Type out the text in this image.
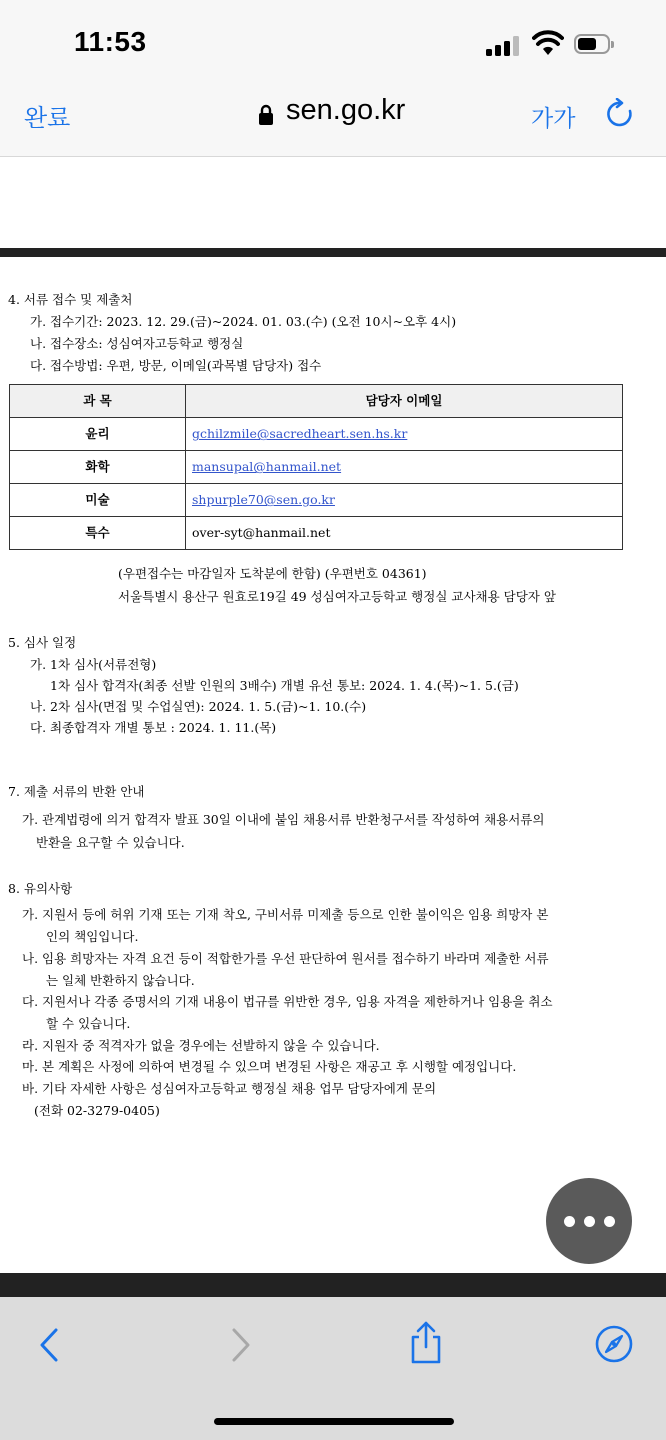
11:53
완료	sen.go.kr	가가
4. 서류 접수 및 제출처
가. 접수기간: 2023. 12. 29.(금)~2024. 01. 03.(수) (오전 10시~오후 4시)
나. 접수장소: 성심여자고등학교 행정실
다. 접수방법: 우편, 방문, 이메일(과목별 담당자) 접수
과 목	담당자 이메일
윤리	gchilzmile@sacredheart.sen.hs.kr
화학	mansupal@hanmail.net
미술	shpurple70@sen.go.kr
특수	over-syt@hanmail.net
(우편접수는 마감일자 도착분에 한함) (우편번호 04361)
서울특별시 용산구 원효로19길 49 성심여자고등학교 행정실 교사채용 담당자 앞
5. 심사 일정
가. 1차 심사(서류전형)
1차 심사 합격자(최종 선발 인원의 3배수) 개별 유선 통보: 2024. 1. 4.(목)~1. 5.(금)
나. 2차 심사(면접 및 수업실연): 2024. 1. 5.(금)~1. 10.(수)
다. 최종합격자 개별 통보 : 2024. 1. 11.(목)
7. 제출 서류의 반환 안내
가. 관계법령에 의거 합격자 발표 30일 이내에 붙임 채용서류 반환청구서를 작성하여 채용서류의
반환을 요구할 수 있습니다.
8. 유의사항
가. 지원서 등에 허위 기재 또는 기재 착오, 구비서류 미제출 등으로 인한 불이익은 임용 희망자 본
인의 책임입니다.
나. 임용 희망자는 자격 요건 등이 적합한가를 우선 판단하여 원서를 접수하기 바라며 제출한 서류
는 일체 반환하지 않습니다.
다. 지원서나 각종 증명서의 기재 내용이 법규를 위반한 경우, 임용 자격을 제한하거나 임용을 취소
할 수 있습니다.
라. 지원자 중 적격자가 없을 경우에는 선발하지 않을 수 있습니다.
마. 본 계획은 사정에 의하여 변경될 수 있으며 변경된 사항은 재공고 후 시행할 예정입니다.
바. 기타 자세한 사항은 성심여자고등학교 행정실 채용 업무 담당자에게 문의
(전화 02-3279-0405)
